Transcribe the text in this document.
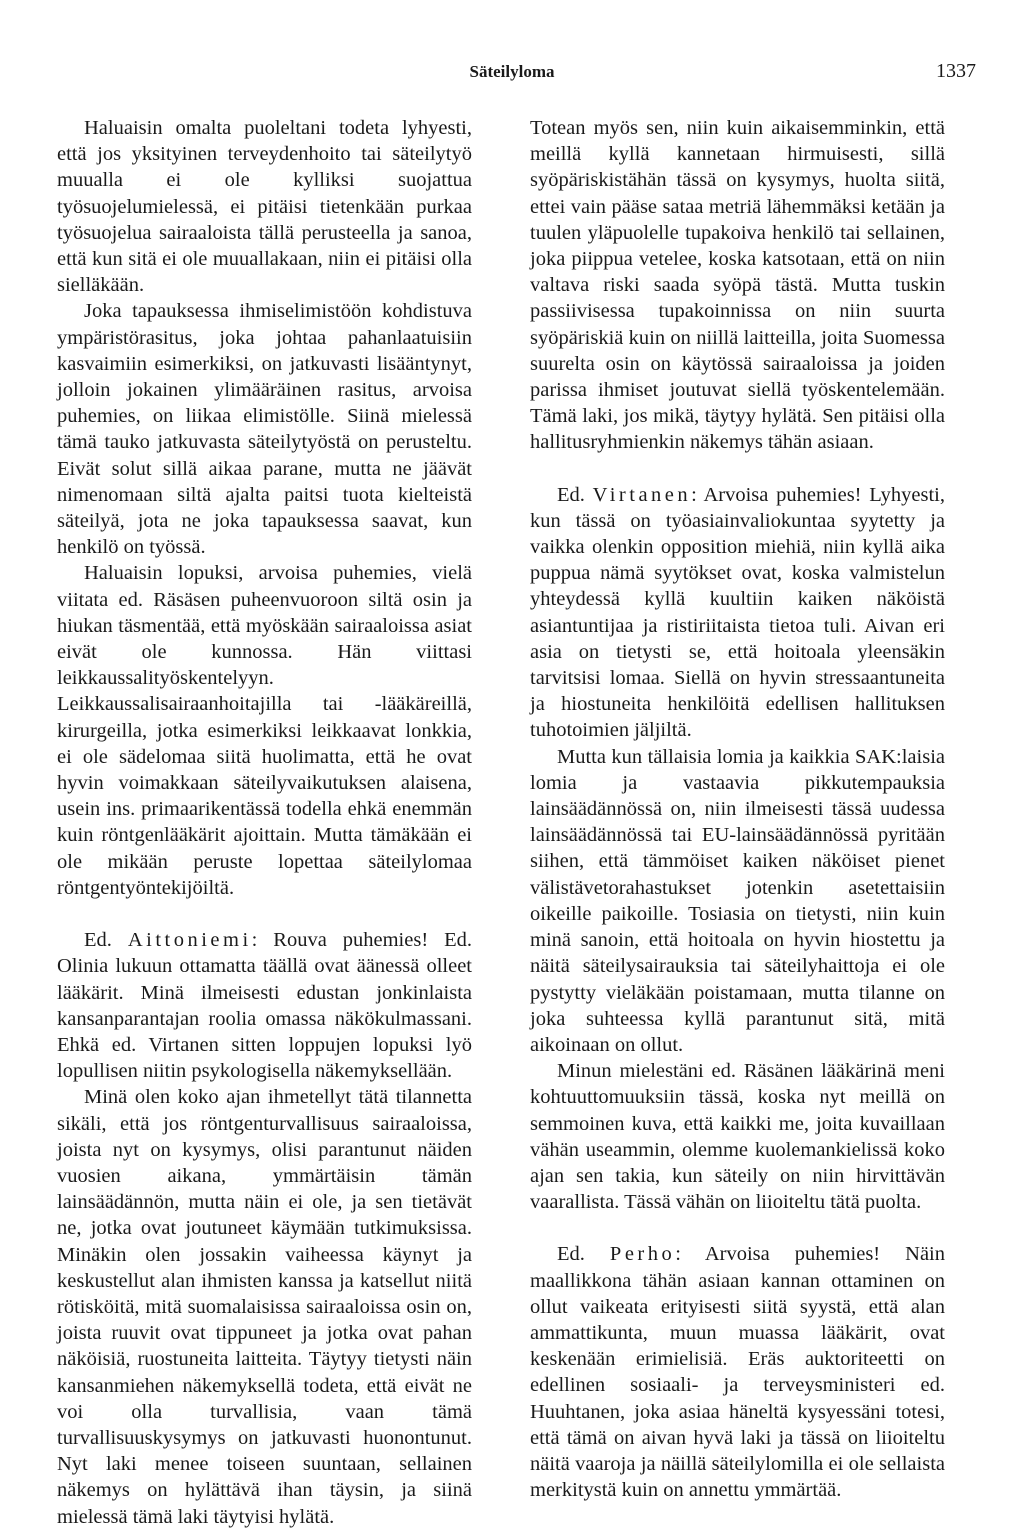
Säteilyloma	1337

Haluaisin omalta puoleltani todeta lyhyesti, että jos yksityinen terveydenhoito tai säteilytyö muualla ei ole kylliksi suojattua työsuojelumielessä, ei pitäisi tietenkään purkaa työsuojelua sairaaloista tällä perusteella ja sanoa, että kun sitä ei ole muuallakaan, niin ei pitäisi olla sielläkään.

Joka tapauksessa ihmiselimistöön kohdistuva ympäristörasitus, joka johtaa pahanlaatuisiin kasvaimiin esimerkiksi, on jatkuvasti lisääntynyt, jolloin jokainen ylimääräinen rasitus, arvoisa puhemies, on liikaa elimistölle. Siinä mielessä tämä tauko jatkuvasta säteilytyöstä on perusteltu. Eivät solut sillä aikaa parane, mutta ne jäävät nimenomaan siltä ajalta paitsi tuota kielteistä säteilyä, jota ne joka tapauksessa saavat, kun henkilö on työssä.

Haluaisin lopuksi, arvoisa puhemies, vielä viitata ed. Räsäsen puheenvuoroon siltä osin ja hiukan täsmentää, että myöskään sairaaloissa asiat eivät ole kunnossa. Hän viittasi leikkaussalityöskentelyyn. Leikkaussalisairaanhoitajilla tai -lääkäreillä, kirurgeilla, jotka esimerkiksi leikkaavat lonkkia, ei ole sädelomaa siitä huolimatta, että he ovat hyvin voimakkaan säteilyvaikutuksen alaisena, usein ins. primaarikentässä todella ehkä enemmän kuin röntgenlääkärit ajoittain. Mutta tämäkään ei ole mikään peruste lopettaa säteilylomaa röntgentyöntekijöiltä.

Ed. Aittoniemi: Rouva puhemies! Ed. Olinia lukuun ottamatta täällä ovat äänessä olleet lääkärit. Minä ilmeisesti edustan jonkinlaista kansanparantajan roolia omassa näkökulmassani. Ehkä ed. Virtanen sitten loppujen lopuksi lyö lopullisen niitin psykologisella näkemyksellään.

Minä olen koko ajan ihmetellyt tätä tilannetta sikäli, että jos röntgenturvallisuus sairaaloissa, joista nyt on kysymys, olisi parantunut näiden vuosien aikana, ymmärtäisin tämän lainsäädännön, mutta näin ei ole, ja sen tietävät ne, jotka ovat joutuneet käymään tutkimuksissa. Minäkin olen jossakin vaiheessa käynyt ja keskustellut alan ihmisten kanssa ja katsellut niitä rötisköitä, mitä suomalaisissa sairaaloissa osin on, joista ruuvit ovat tippuneet ja jotka ovat pahan näköisiä, ruostuneita laitteita. Täytyy tietysti näin kansanmiehen näkemyksellä todeta, että eivät ne voi olla turvallisia, vaan tämä turvallisuuskysymys on jatkuvasti huonontunut. Nyt laki menee toiseen suuntaan, sellainen näkemys on hylättävä ihan täysin, ja siinä mielessä tämä laki täytyisi hylätä.

Totean myös sen, niin kuin aikaisemminkin, että meillä kyllä kannetaan hirmuisesti, sillä syöpäriskistähän tässä on kysymys, huolta siitä, ettei vain pääse sataa metriä lähemmäksi ketään ja tuulen yläpuolelle tupakoiva henkilö tai sellainen, joka piippua vetelee, koska katsotaan, että on niin valtava riski saada syöpä tästä. Mutta tuskin passiivisessa tupakoinnissa on niin suurta syöpäriskiä kuin on niillä laitteilla, joita Suomessa suurelta osin on käytössä sairaaloissa ja joiden parissa ihmiset joutuvat siellä työskentelemään. Tämä laki, jos mikä, täytyy hylätä. Sen pitäisi olla hallitusryhmienkin näkemys tähän asiaan.

Ed. Virtanen: Arvoisa puhemies! Lyhyesti, kun tässä on työasiainvaliokuntaa syytetty ja vaikka olenkin opposition miehiä, niin kyllä aika puppua nämä syytökset ovat, koska valmistelun yhteydessä kyllä kuultiin kaiken näköistä asiantuntijaa ja ristiriitaista tietoa tuli. Aivan eri asia on tietysti se, että hoitoala yleensäkin tarvitsisi lomaa. Siellä on hyvin stressaantuneita ja hiostuneita henkilöitä edellisen hallituksen tuhotoimien jäljiltä.

Mutta kun tällaisia lomia ja kaikkia SAK:laisia lomia ja vastaavia pikkutempauksia lainsäädännössä on, niin ilmeisesti tässä uudessa lainsäädännössä tai EU-lainsäädännössä pyritään siihen, että tämmöiset kaiken näköiset pienet välistävetorahastukset jotenkin asetettaisiin oikeille paikoille. Tosiasia on tietysti, niin kuin minä sanoin, että hoitoala on hyvin hiostettu ja näitä säteilysairauksia tai säteilyhaittoja ei ole pystytty vieläkään poistamaan, mutta tilanne on joka suhteessa kyllä parantunut sitä, mitä aikoinaan on ollut.

Minun mielestäni ed. Räsänen lääkärinä meni kohtuuttomuuksiin tässä, koska nyt meillä on semmoinen kuva, että kaikki me, joita kuvaillaan vähän useammin, olemme kuolemankielissä koko ajan sen takia, kun säteily on niin hirvittävän vaarallista. Tässä vähän on liioiteltu tätä puolta.

Ed. Perho: Arvoisa puhemies! Näin maallikkona tähän asiaan kannan ottaminen on ollut vaikeata erityisesti siitä syystä, että alan ammattikunta, muun muassa lääkärit, ovat keskenään erimielisiä. Eräs auktoriteetti on edellinen sosiaali- ja terveysministeri ed. Huuhtanen, joka asiaa häneltä kysyessäni totesi, että tämä on aivan hyvä laki ja tässä on liioiteltu näitä vaaroja ja näillä säteilylomilla ei ole sellaista merkitystä kuin on annettu ymmärtää.
